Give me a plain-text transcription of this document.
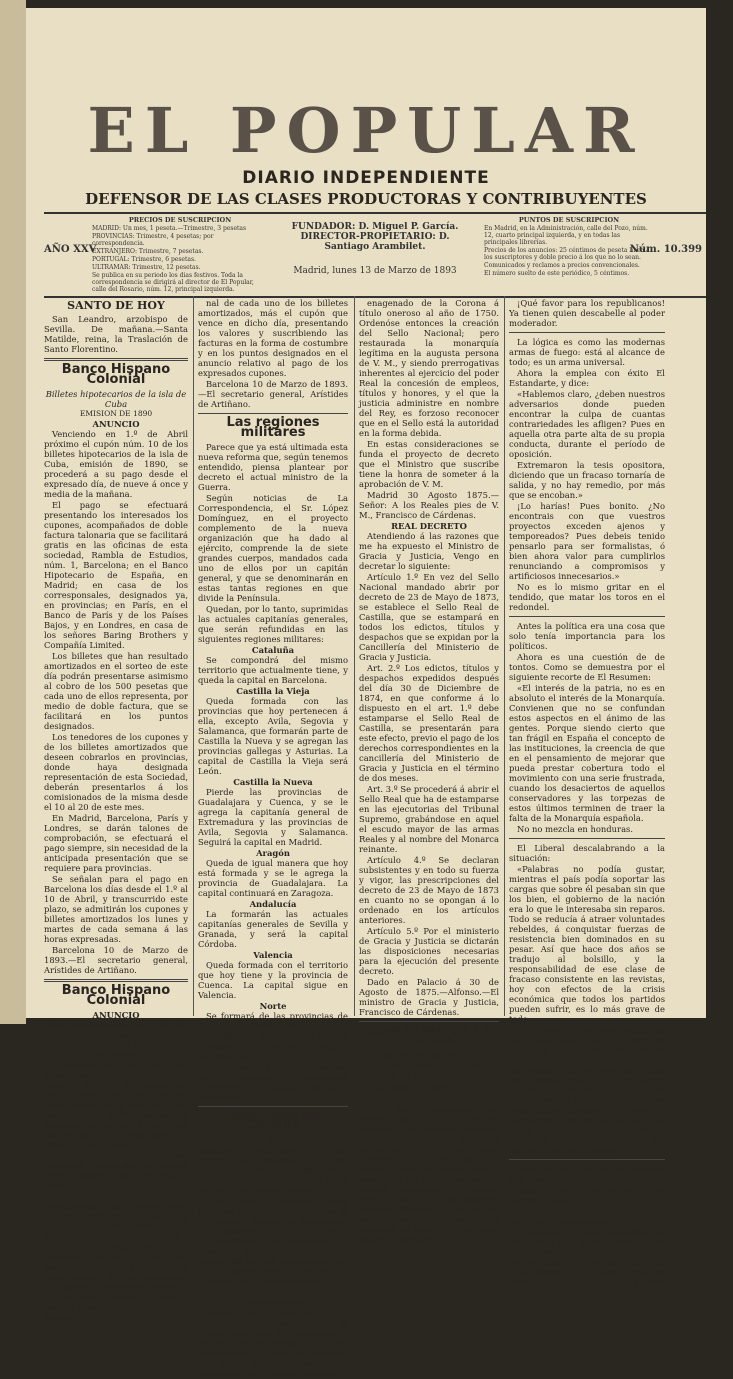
EL POPULAR
DIARIO INDEPENDIENTE
DEFENSOR DE LAS CLASES PRODUCTORAS Y CONTRIBUYENTES
PRECIOS DE SUSCRIPCION

MADRID: Un mes, 1 peseta.—Trimestre, 3 pesetas

PROVINCIAS: Trimestre, 4 pesetas; por correspondencia.

EXTRANJERO: Trimestre, 7 pesetas.

PORTUGAL: Trimestre, 6 pesetas.

ULTRAMAR: Trimestre, 12 pesetas.

Se publica en su periodo los dias festivos. Toda la correspondencia se dirigirá al director de El Popular, calle del Rosario, núm. 12, principal izquierda.

AÑO XXV
FUNDADOR: D. Miguel P. García.
DIRECTOR-PROPIETARIO: D. Santiago Arambilet.
Madrid, lunes 13 de Marzo de 1893
PUNTOS DE SUSCRIPCION

En Madrid, en la Administración, calle del Pozo, núm. 12, cuarto principal izquierda, y en todas las principales librerías.

Precios de los anuncios: 25 céntimos de peseta línea á los suscriptores y doble precio á los que no lo sean.

Comunicados y reclamos a precios convencionales.

El número suelto de este periódico, 5 céntimos.

Núm. 10.399
SANTO DE HOY

San Leandro, arzobispo de Sevilla. De mañana.—Santa Matilde, reina, la Traslación de Santo Florentino.

Banco Hispano Colonial
Billetes hipotecarios de la isla de Cuba
EMISION DE 1890
ANUNCIO

Venciendo en 1.º de Abril próximo el cupón núm. 10 de los billetes hipotecarios de la isla de Cuba, emisión de 1890, se procederá a su pago desde el expresado día, de nueve á once y media de la mañana.

El pago se efectuará presentando los interesados los cupones, acompañados de doble factura talonaria que se facilitará gratis en las oficinas de esta sociedad, Rambla de Estudios, núm. 1, Barcelona; en el Banco Hipotecario de España, en Madrid; en casa de los corresponsales, designados ya, en provincias; en París, en el Banco de París y de los Países Bajos, y en Londres, en casa de los señores Baring Brothers y Compañía Limited.

Los billetes que han resultado amortizados en el sorteo de este día podrán presentarse asimismo al cobro de los 500 pesetas que cada uno de ellos representa, por medio de doble factura, que se facilitará en los puntos designados.

Los tenedores de los cupones y de los billetes amortizados que deseen cobrarlos en provincias, donde haya designada representación de esta Sociedad, deberán presentarlos á los comisionados de la misma desde el 10 al 20 de este mes.

En Madrid, Barcelona, París y Londres, se darán talones de comprobación, se efectuará el pago siempre, sin necesidad de la anticipada presentación que se requiere para provincias.

Se señalan para el pago en Barcelona los días desde el 1.º al 10 de Abril, y transcurrido este plazo, se admitirán los cupones y billetes amortizados los lunes y martes de cada semana á las horas expresadas.

Barcelona 10 de Marzo de 1893.—El secretario general, Arístides de Artiñano.

Banco Hispano Colonial
ANUNCIO
Billetes hipotecarios de la isla de Cuba
EMISION DE 1890
9.º sorteo

Celebrado en este día, con asistencia del notario D. Luis G. Soler y Plá, el 9.º sorteo de amortización de los billetes hipotecarios de la isla de Cuba, emisión de 1890, según lo dispuesto en el art. 1.º del real decreto de 27 de Septiembre de 1890 y real orden de 14 de Febrero de este año, han resultado favorecidas las cuatro bolas números 181, 259, 832 y 1.804.

En su consecuencia, quedan amortizados los cuatrocientos billetes números 18.001 al 18.100, 25.801 al 25.900, 83.101 al 83.200, y 180.101 al 180.200.

Lo que, en cumplimiento de lo dispuesto en el referido real decreto, se hace público para conocimiento de los tenedores, que podrán presentarse, desde el 1.º de Abril próximo, á percibir las 500 pesetas, importe del valor nominal

nal de cada uno de los billetes amortizados, más el cupón que vence en dicho día, presentando los valores y suscribiendo las facturas en la forma de costumbre y en los puntos designados en el anuncio relativo al pago de los expresados cupones.

Barcelona 10 de Marzo de 1893.—El secretario general, Arístides de Artiñano.

Las regiones militares

Parece que ya está ultimada esta nueva reforma que, según tenemos entendido, piensa plantear por decreto el actual ministro de la Guerra.

Según noticias de La Correspondencia, el Sr. López Domínguez, en el proyecto complemento de la nueva organización que ha dado al ejército, comprende la de siete grandes cuerpos, mandados cada uno de ellos por un capitán general, y que se denominarán en estas tantas regiones en que divide la Península.

Quedan, por lo tanto, suprimidas las actuales capitanías generales, que serán refundidas en las siguientes regiones militares:

Cataluña

Se compondrá del mismo territorio que actualmente tiene, y queda la capital en Barcelona.

Castilla la Vieja

Queda formada con las provincias que hoy pertenecen á ella, excepto Avila, Segovia y Salamanca, que formarán parte de Castilla la Nueva y se agregan las provincias gallegas y Asturias. La capital de Castilla la Vieja será León.

Castilla la Nueva

Pierde las provincias de Guadalajara y Cuenca, y se le agrega la capitanía general de Extremadura y las provincias de Avila, Segovia y Salamanca. Seguirá la capital en Madrid.

Aragón

Queda de igual manera que hoy está formada y se le agrega la provincia de Guadalajara. La capital continuará en Zaragoza.

Andalucía

La formarán las actuales capitanías generales de Sevilla y Granada, y será la capital Córdoba.

Valencia

Queda formada con el territorio que hoy tiene y la provincia de Cuenca. La capital sigue en Valencia.

Norte

Se formará de las provincias de Guipúzcoa, Alava y Vizcaya, y de las capitanías generales de Burgos y Navarra. Vitoria será la capital de esta región.

Con esta organización parece que resultan excedentes elementos y tantos oficiales generales.

Real Sello de Castilla

Parécenos de oportunidad publicar a continuación el Real decreto que restableció el Real Sello de Castilla, cuyo impuesto se quiere hoy hacer extensivo á todos los funcionarios del Estado.

Con razón, tuvieron podrá juzgarse de la razón que asistía al Sr. Romero Robledo al solicitar de su compañero de Gabinete que se le concediera á los empleados de Gracia y Justicia, porque á su tiempo de la Real disposición que se le capturó que la reforma en contrario á la presente señala.

Dice así:

EXPOSICION

Señor: Por decreto de 23 de Mayo de 1873 fué revertido al Estado, conforme á lo dispuesto en varias leyes recopiladas y en otras posteriores, el oficio de canciller del Sello Real de Castilla, y registrador del tribunal Supremo,

enagenado de la Corona á título oneroso al año de 1750. Ordenóse entonces la creación del Sello Nacional; pero restaurada la monarquía legítima en la augusta persona de V. M., y siendo prerrogativas inherentes al ejercicio del poder Real la concesión de empleos, títulos y honores, y el que la justicia administre en nombre del Rey, es forzoso reconocer que en el Sello está la autoridad en la forma debida.

En estas consideraciones se funda el proyecto de decreto que el Ministro que suscribe tiene la honra de someter á la aprobación de V. M.

Madrid 30 Agosto 1875.—Señor: A los Reales pies de V. M., Francisco de Cárdenas.

REAL DECRETO

Atendiendo á las razones que me ha expuesto el Ministro de Gracia y Justicia, Vengo en decretar lo siguiente:

Artículo 1.º En vez del Sello Nacional mandado abrir por decreto de 23 de Mayo de 1873, se establece el Sello Real de Castilla, que se estampará en todos los edictos, títulos y despachos que se expidan por la Cancillería del Ministerio de Gracia y Justicia.

Art. 2.º Los edictos, títulos y despachos expedidos después del día 30 de Diciembre de 1874, en que conforme á lo dispuesto en el art. 1.º debe estamparse el Sello Real de Castilla, se presentarán para este efecto, previo el pago de los derechos correspondientes en la cancillería del Ministerio de Gracia y Justicia en el término de dos meses.

Art. 3.º Se procederá á abrir el Sello Real que ha de estamparse en las ejecutorias del Tribunal Supremo, grabándose en aquel el escudo mayor de las armas Reales y al nombre del Monarca reinante.

Artículo 4.º Se declaran subsistentes y en todo su fuerza y vigor, las prescripciones del decreto de 23 de Mayo de 1873 en cuanto no se opongan á lo ordenado en los artículos anteriores.

Artículo 5.º Por el ministerio de Gracia y Justicia se dictarán las disposiciones necesarias para la ejecución del presente decreto.

Dado en Palacio á 30 de Agosto de 1875.—Alfonso.—El ministro de Gracia y Justicia, Francisco de Cárdenas.

COMENTARIOS Á LA PRENSA

La monarquía está de luto.

El torero Mazzantini se ha pasado á los republicanos.

Dos disparos y todo.

He aquí un extracto:

«El Sr. Mazzantini ha pronunciado un discurso haciendo su historia política. Dijo que dejó de ser conservador haciéndose fusionista, creyendo que el partido liberal era mejor; pero le resultaron los fusionistas mucho peores, obteniendo el camino para la hacia los republicanos; terminó diciendo que el partido republicano está formado por hombres de honor, y entre ellos figuraría siempre.»

¡Qué favor para los republicanos! Ya tienen quien descabelle al poder moderador.

La lógica es como las modernas armas de fuego: está al alcance de todo; es un arma universal.

Ahora la emplea con éxito El Estandarte, y dice:

«Hablemos claro, ¿deben nuestros adversarios donde pueden encontrar la culpa de cuantas contrariedades les afligen? Pues en aquella otra parte alta de su propia conducta, durante el período de oposición.

Extremaron la tesis opositora, diciendo que un fracaso tornaría de salida, y no hay remedio, por más que se encoban.»

¡Lo harías! Pues bonito. ¿No encontrais con que vuestros proyectos exceden ajenos y temporeados? Pues debeis tenido pensarlo para ser formalistas, ó bien ahora valor para cumplirlos renunciando a compromisos y artificiosos innecesarios.»

No es lo mismo gritar en el tendido, que matar los toros en el redondel.

Antes la política era una cosa que solo tenía importancia para los políticos.

Ahora es una cuestión de de tontos. Como se demuestra por el siguiente recorte de El Resumen:

«El interés de la patria, no es en absoluto el interés de la Monarquía. Convienen que no se confundan estos aspectos en el ánimo de las gentes. Porque siendo cierto que tan frágil en España el concepto de las instituciones, la creencia de que en el pensamiento de mejorar que pueda prestar cobertura todo el movimiento con una serie frustrada, cuando los desaciertos de aquellos conservadores y las torpezas de estos últimos terminen de traer la falta de la Monarquía española.

No no mezcla en honduras.

El Liberal descalabrando a la situación:

«Palabras no podía gustar, mientras el país podía soportar las cargas que sobre él pesaban sin que los bien, el gobierno de la nación era lo que le interesaba sin reparos. Todo se reducía á atraer voluntades rebeldes, á conquistar fuerzas de resistencia bien dominados en su pesar. Así que hace dos años se tradujo al bolsillo, y la responsabilidad de ese clase de fracaso consistente en las revistas, hoy con efectos de la crisis económica que todos los partidos pueden sufrir, es lo más grave de todo.

Pero vivieron los días tristes, los tiempos difíciles, que dijo el escritor inglés, y ya no bastó recoger los tributos, ni arrendar todo lo arrendable, sino las carreras en que nadie puede más y algo pidieron, que lleva a la miseria. Esta situación de hoy en los hombres gobernados para el contribuyente y que peor de la reforma y en hoy que no, se cayó todos los días, por lo que es ya inevitable lo que no nos cabe el día que se le hiciera el sordo.

Antes se decía: No me toque usted á la Marina.

Ahora todo el mundo pone sus manos en ella.

Hasta El Tiempo, diario silvelista, que dice irónicamente:

«Después de esta necesidad de economías y no puede tocar buques de guerra. Al siguiente cañón en la isla de Cuba, que es allá quien de Guantánamo y a Filipinas, donde los transportes del Pacífico, así quedan indefensos. Fernando
